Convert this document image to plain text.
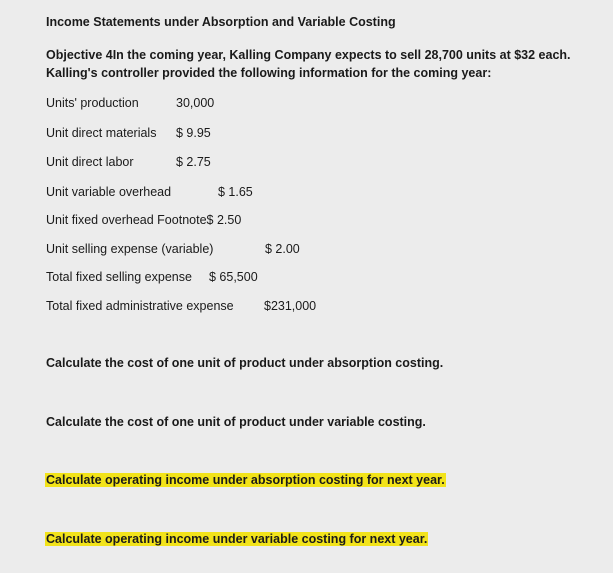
Income Statements under Absorption and Variable Costing
Objective 4In the coming year, Kalling Company expects to sell 28,700 units at $32 each.
Kalling's controller provided the following information for the coming year:
Units' production	30,000
Unit direct materials $ 9.95
Unit direct labor	$ 2.75
Unit variable overhead	$ 1.65
Unit fixed overhead Footnote$ 2.50
Unit selling expense (variable)	$ 2.00
Total fixed selling expense $ 65,500
Total fixed administrative expense $231,000
Calculate the cost of one unit of product under absorption costing.
Calculate the cost of one unit of product under variable costing.
Calculate operating income under absorption costing for next year.
Calculate operating income under variable costing for next year.
